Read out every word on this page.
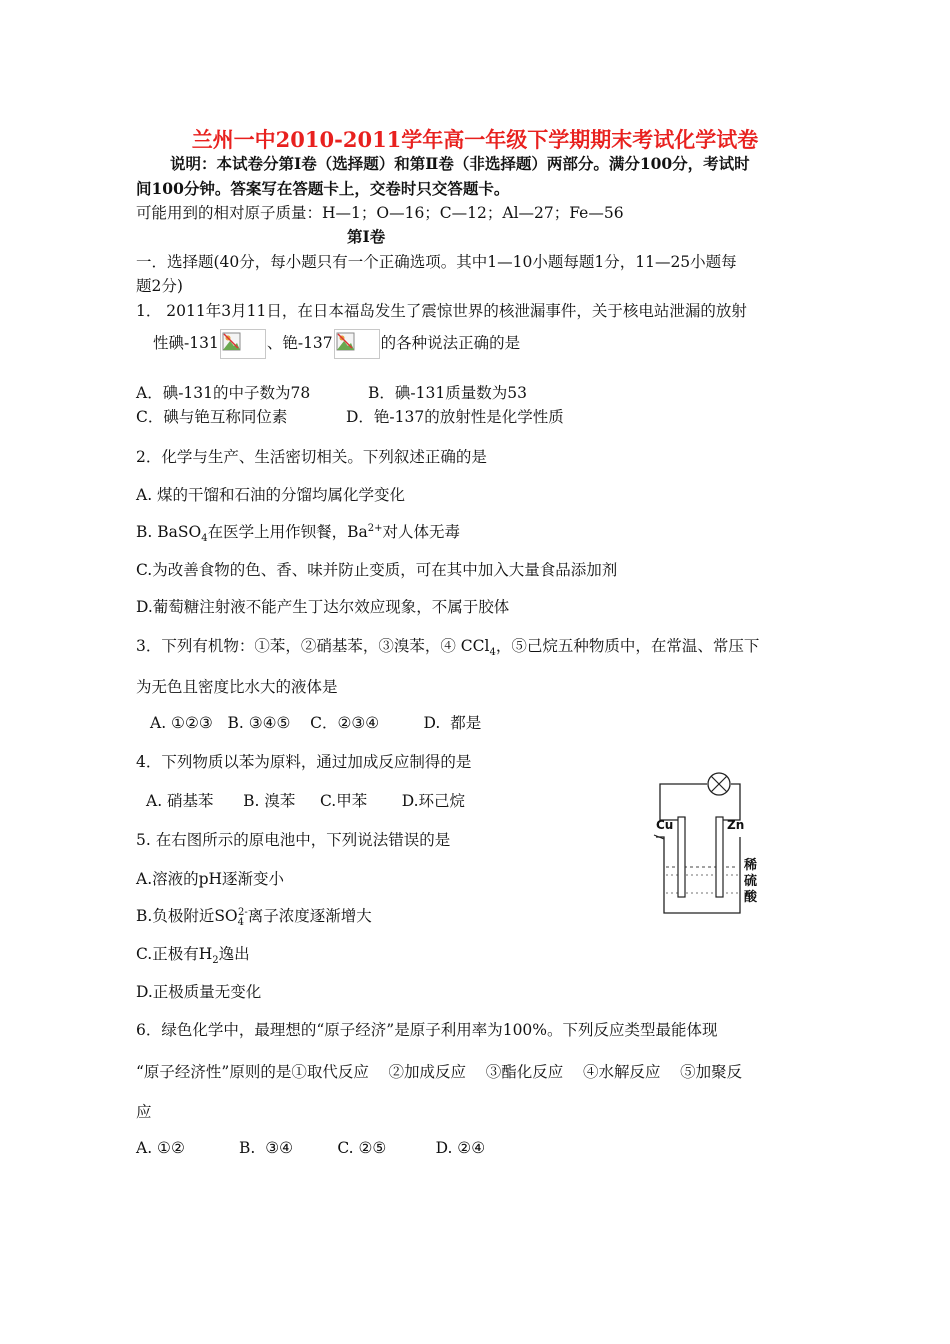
兰州一中2010-2011学年高一年级下学期期末考试化学试卷
说明：本试卷分第Ⅰ卷（选择题）和第Ⅱ卷（非选择题）两部分。满分100分，考试时
间100分钟。答案写在答题卡上，交卷时只交答题卡。
可能用到的相对原子质量：H—1；O—16；C—12；Al—27；Fe—56
第Ⅰ卷
一．选择题(40分，每小题只有一个正确选项。其中1—10小题每题1分，11—25小题每
题2分)
1． 2011年3月11日，在日本福岛发生了震惊世界的核泄漏事件，关于核电站泄漏的放射
性碘-131	、铯-137	的各种说法正确的是
A．碘-131的中子数为78	B．碘-131质量数为53
C．碘与铯互称同位素	D．铯-137的放射性是化学性质
2．化学与生产、生活密切相关。下列叙述正确的是
A. 煤的干馏和石油的分馏均属化学变化
B. BaSO$_4$在医学上用作钡餐，$Ba^{2+}$对人体无毒
C.为改善食物的色、香、味并防止变质，可在其中加入大量食品添加剂
D.葡萄糖注射液不能产生丁达尔效应现象，不属于胶体
3．下列有机物：①苯，②硝基苯，③溴苯，④ CCl$_4$，⑤己烷五种物质中，在常温、常压下
为无色且密度比水大的液体是
A. ①②③   B. ③④⑤    C．②③④         D.  都是
4．下列物质以苯为原料，通过加成反应制得的是
A. 硝基苯      B. 溴苯     C.甲苯       D.环己烷
5. 在右图所示的原电池中，下列说法错误的是
A.溶液的pH逐渐变小
B.负极附近$SO_4^{2-}$离子浓度逐渐增大
C.正极有$H_2$逸出
D.正极质量无变化
Cu	Zn
稀
硫
酸
6．绿色化学中，最理想的“原子经济”是原子利用率为100%。下列反应类型最能体现
“原子经济性”原则的是①取代反应    ②加成反应    ③酯化反应    ④水解反应    ⑤加聚反
应
A. ①②           B.  ③④         C. ②⑤          D. ②④
